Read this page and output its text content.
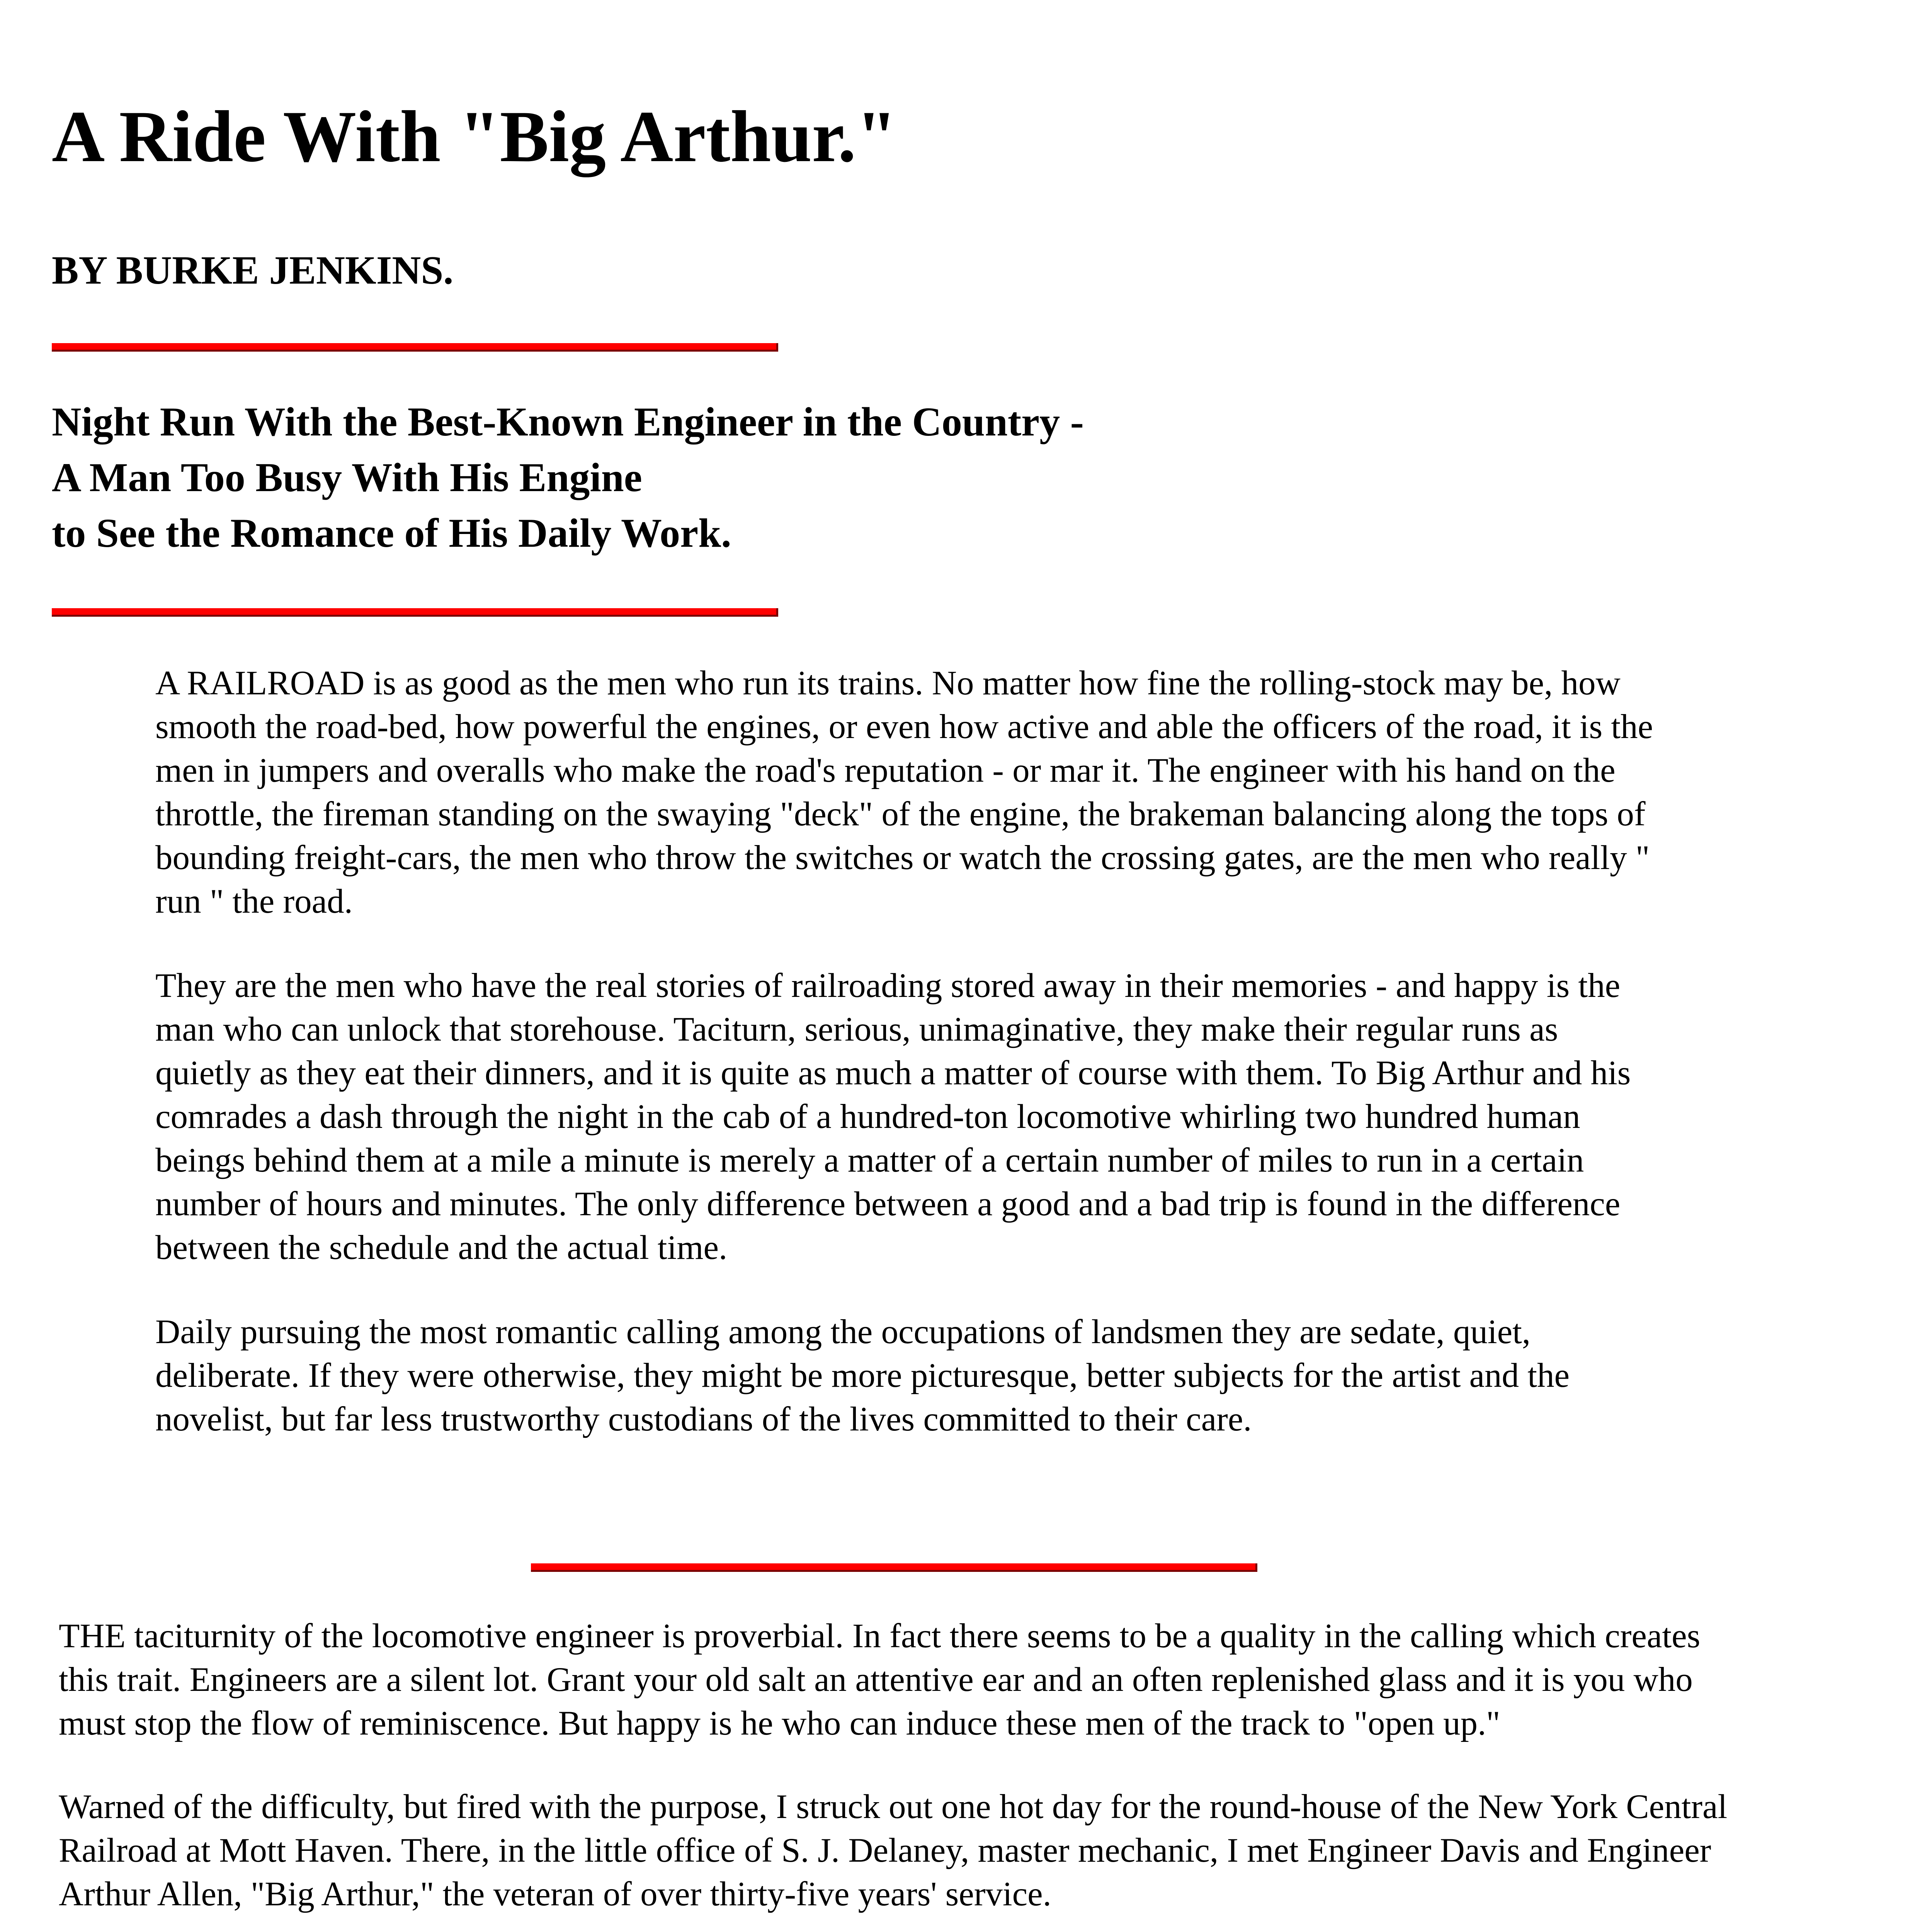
A Ride With "Big Arthur."
BY BURKE JENKINS.
Night Run With the Best-Known Engineer in the Country -
A Man Too Busy With His Engine
to See the Romance of His Daily Work.

A RAILROAD is as good as the men who run its trains. No matter how fine the rolling-stock may be, how smooth the road-bed, how powerful the engines, or even how active and able the officers of the road, it is the men in jumpers and overalls who make the road's reputation - or mar it. The engineer with his hand on the throttle, the fireman standing on the swaying "deck" of the engine, the brakeman balancing along the tops of bounding freight-cars, the men who throw the switches or watch the crossing gates, are the men who really " run " the road.

They are the men who have the real stories of railroading stored away in their memories - and happy is the man who can unlock that storehouse. Taciturn, serious, unimaginative, they make their regular runs as quietly as they eat their dinners, and it is quite as much a matter of course with them. To Big Arthur and his comrades a dash through the night in the cab of a hundred-ton locomotive whirling two hundred human beings behind them at a mile a minute is merely a matter of a certain number of miles to run in a certain number of hours and minutes. The only difference between a good and a bad trip is found in the difference between the schedule and the actual time.

Daily pursuing the most romantic calling among the occupations of landsmen they are sedate, quiet, deliberate. If they were otherwise, they might be more picturesque, better subjects for the artist and the novelist, but far less trustworthy custodians of the lives committed to their care.

THE taciturnity of the locomotive engineer is proverbial. In fact there seems to be a quality in the calling which creates this trait. Engineers are a silent lot. Grant your old salt an attentive ear and an often replenished glass and it is you who must stop the flow of reminiscence. But happy is he who can induce these men of the track to "open up."

Warned of the difficulty, but fired with the purpose, I struck out one hot day for the round-house of the New York Central Railroad at Mott Haven. There, in the little office of S. J. Delaney, master mechanic, I met Engineer Davis and Engineer Arthur Allen, "Big Arthur," the veteran of over thirty-five years' service.
